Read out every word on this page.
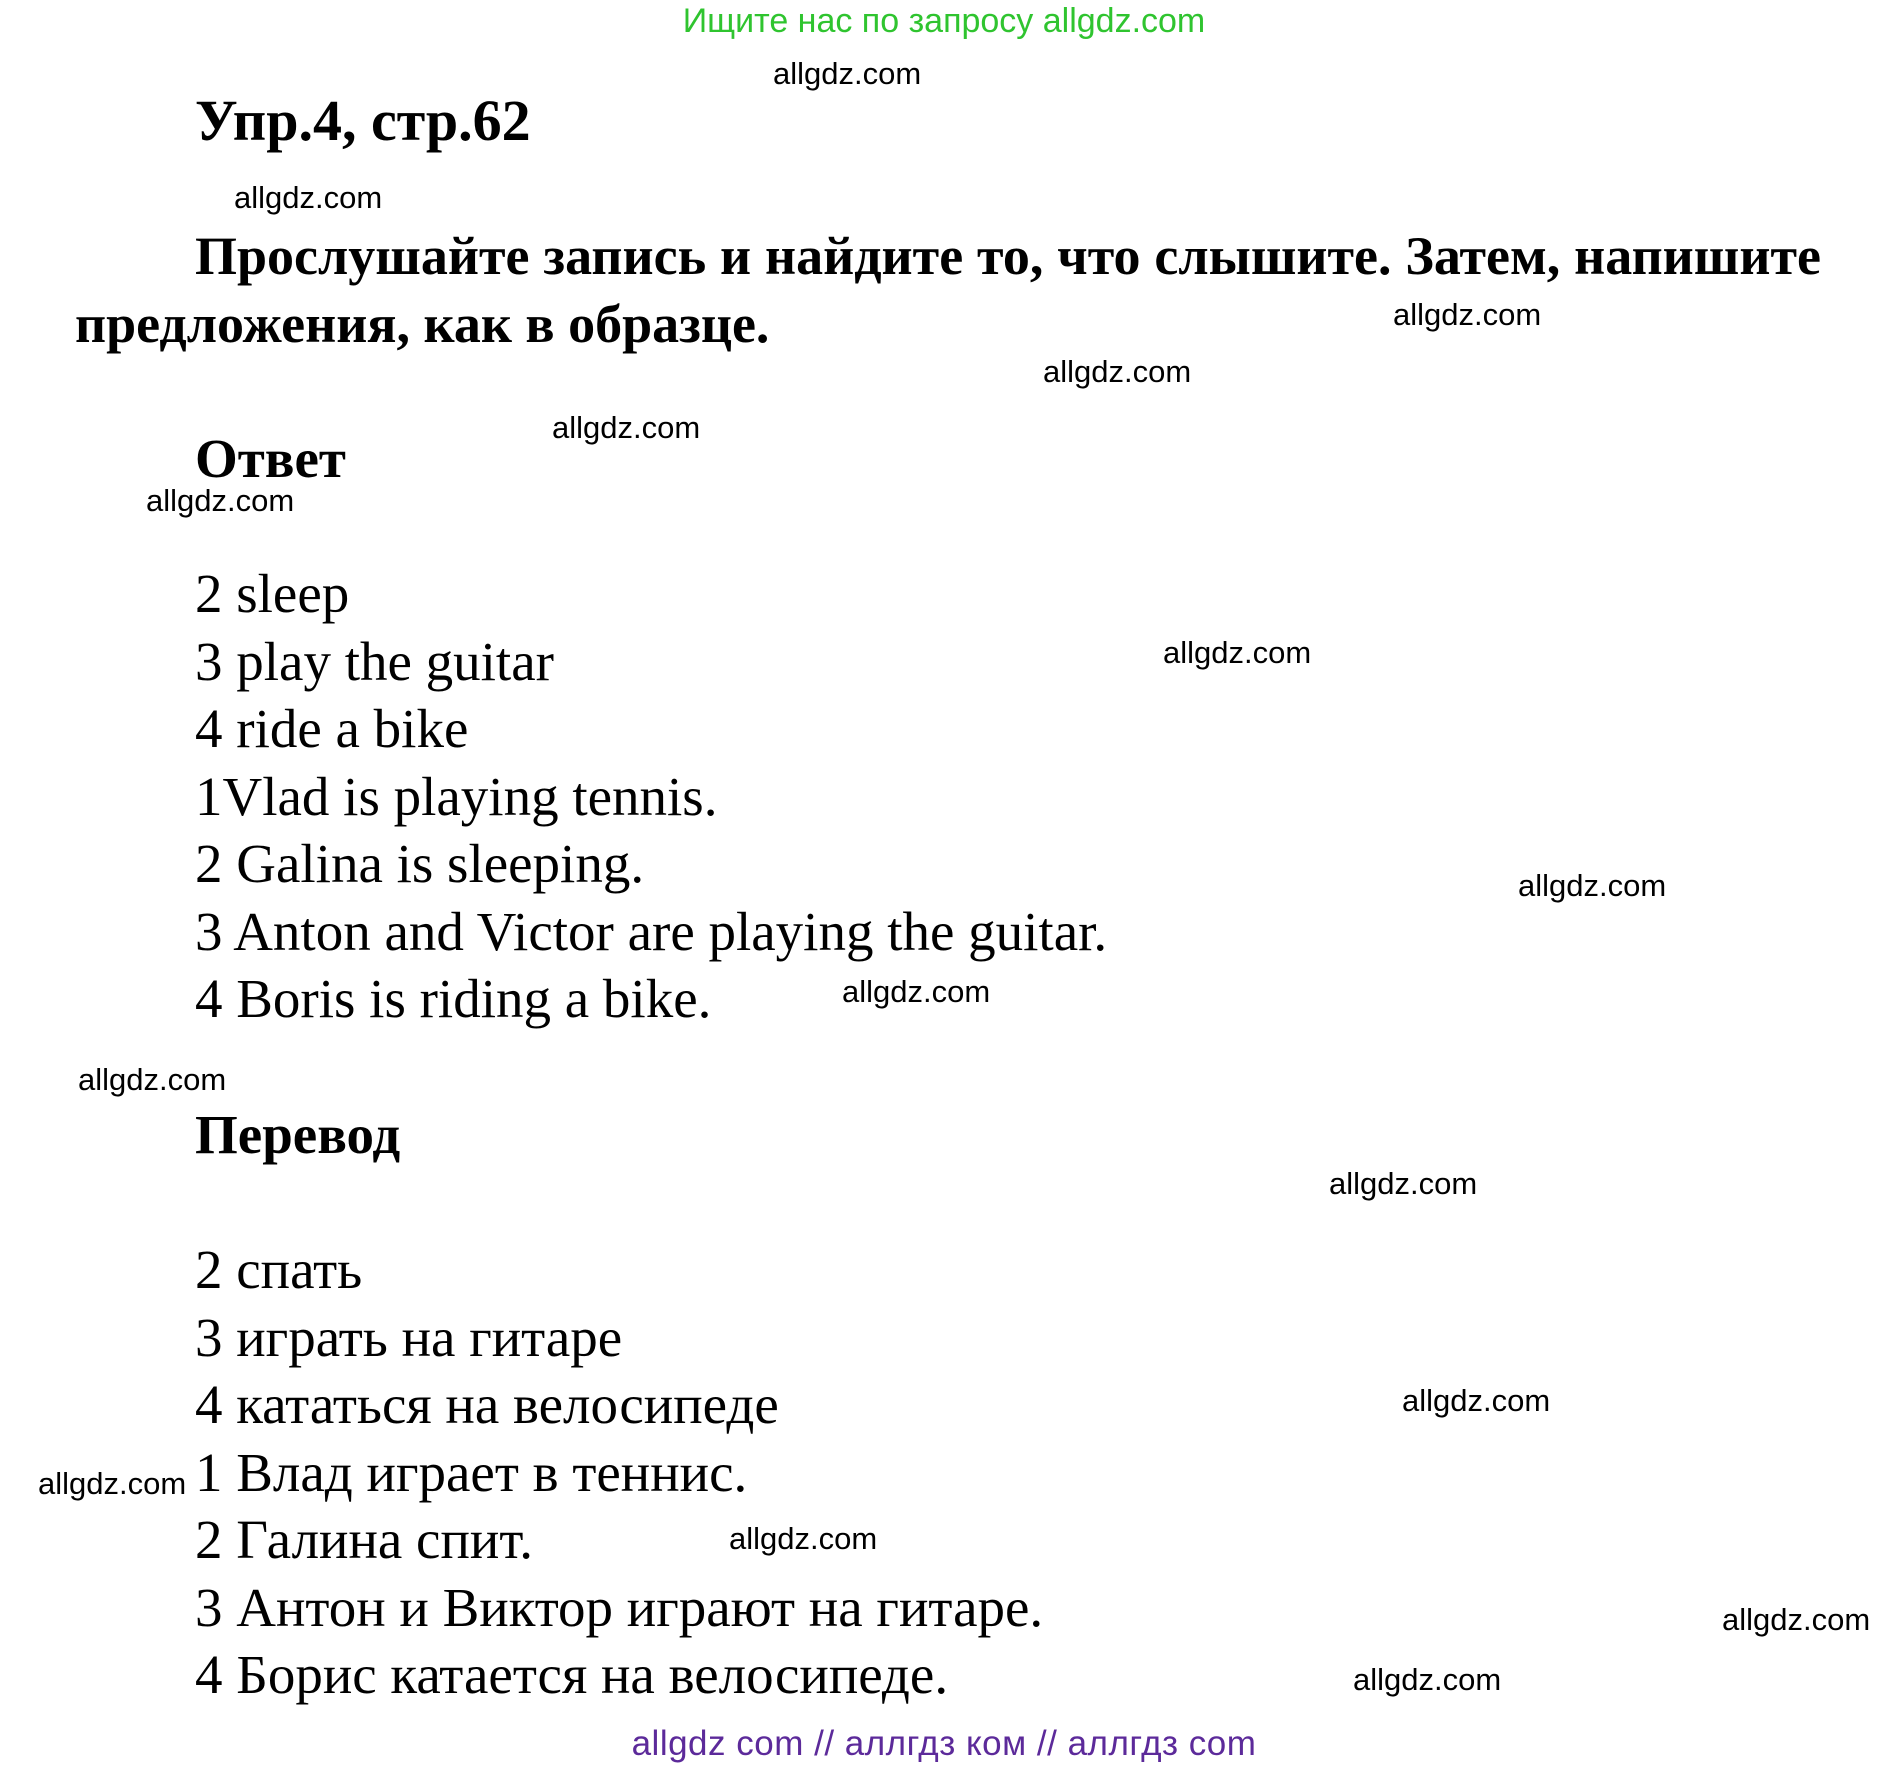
Ищите нас по запросу allgdz.com
Упр.4, стр.62
Прослушайте запись и найдите то, что слышите. Затем, напишите предложения, как в образце.
Ответ
2 sleep
3 play the guitar
4 ride a bike
1Vlad is playing tennis.
2 Galina is sleeping.
3 Anton and Victor are playing the guitar.
4 Boris is riding a bike.
Перевод
2 спать
3 играть на гитаре
4 кататься на велосипеде
1 Влад играет в теннис.
2 Галина спит.
3 Антон и Виктор играют на гитаре.
4 Борис катается на велосипеде.
allgdz.com
allgdz.com
allgdz.com
allgdz.com
allgdz.com
allgdz.com
allgdz.com
allgdz.com
allgdz.com
allgdz.com
allgdz.com
allgdz.com
allgdz.com
allgdz.com
allgdz.com
allgdz.com
allgdz com // аллгдз ком // аллгдз com
